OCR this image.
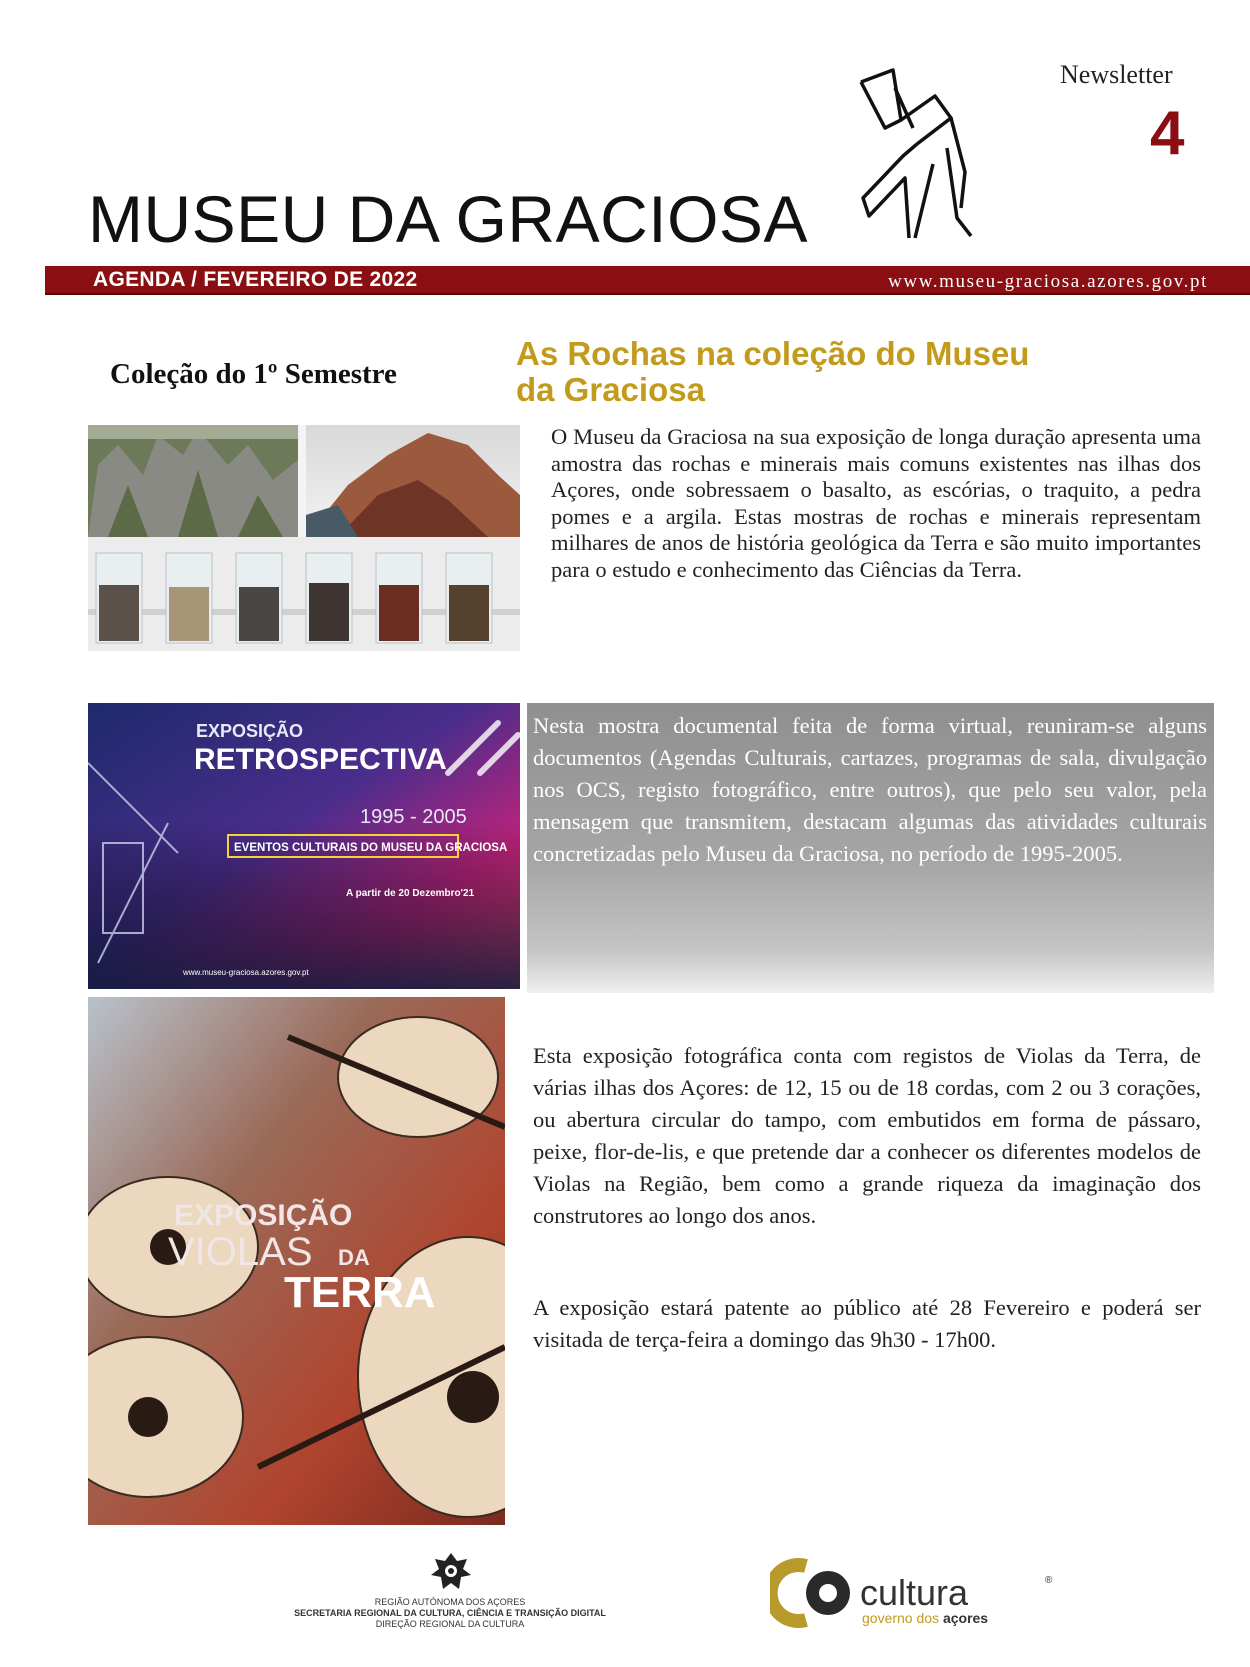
Newsletter
4
MUSEU DA GRACIOSA
AGENDA / FEVEREIRO DE 2022	www.museu-graciosa.azores.gov.pt
Coleção do 1º Semestre
As Rochas na coleção do Museu da Graciosa
O Museu da Graciosa na sua exposição de longa duração apresenta uma amostra das rochas e minerais mais comuns existentes nas ilhas dos Açores, onde sobressaem o basalto, as escórias, o traquito, a pedra pomes e a argila. Estas mostras de rochas e minerais representam milhares de anos de história geológica da Terra e são muito importantes para o estudo e conhecimento das Ciências da Terra.
Nesta mostra documental feita de forma virtual, reuniram-se alguns documentos (Agendas Culturais, cartazes, programas de sala, divulgação nos OCS, registo fotográfico, entre outros), que pelo seu valor, pela mensagem que transmitem, destacam algumas das atividades culturais concretizadas pelo Museu da Graciosa, no período de 1995-2005.
EXPOSIÇÃO
RETROSPECTIVA
1995 - 2005
EVENTOS CULTURAIS DO MUSEU DA GRACIOSA
A partir de 20 Dezembro'21
www.museu-graciosa.azores.gov.pt
EXPOSIÇÃO
VIOLAS DA
TERRA
Esta exposição fotográfica conta com registos de Violas da Terra, de várias ilhas dos Açores: de 12, 15 ou de 18 cordas, com 2 ou 3 corações, ou abertura circular do tampo, com embutidos em forma de pássaro, peixe, flor-de-lis, e que pretende dar a conhecer os diferentes modelos de Violas na Região, bem como a grande riqueza da imaginação dos construtores ao longo dos anos.
A exposição estará patente ao público até 28 Fevereiro e poderá ser visitada de terça-feira a domingo das 9h30 - 17h00.
REGIÃO AUTÓNOMA DOS AÇORES
SECRETARIA REGIONAL DA CULTURA, CIÊNCIA E TRANSIÇÃO DIGITAL
DIREÇÃO REGIONAL DA CULTURA
cultura	®
governo dos açores
